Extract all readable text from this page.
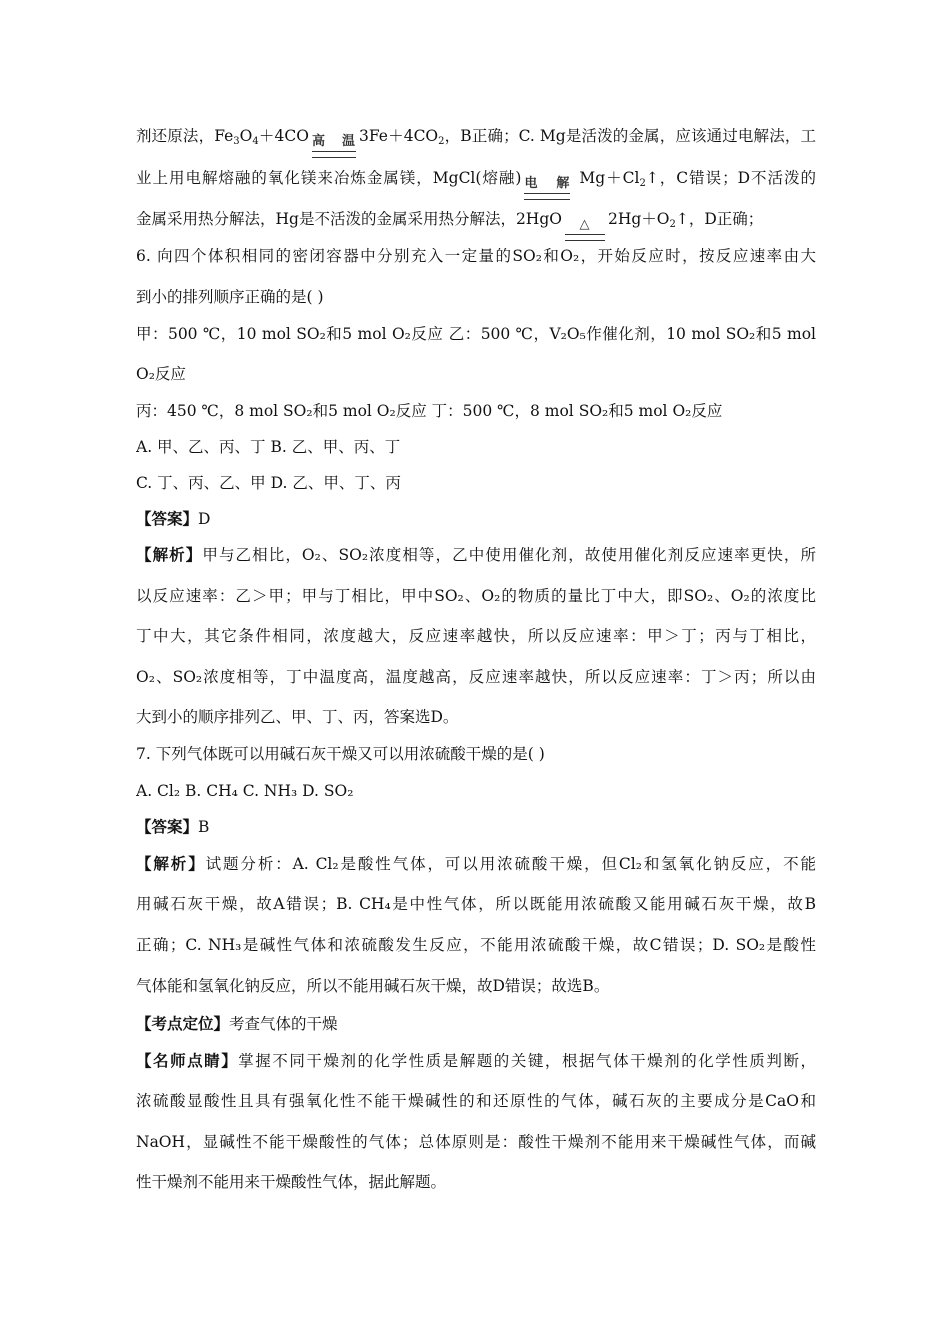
剂还原法，$Fe_3O_4+4CO$ 高温 $3Fe+4CO_2$，B正确；C. Mg是活泼的金属，应该通过电解法，工
业上用电解熔融的氧化镁来冶炼金属镁，MgCl(熔融) 电解 $Mg+Cl_2↑$，C错误；D不活泼的
金属采用热分解法，Hg是不活泼的金属采用热分解法，2HgO	△	$2Hg+O_2↑$，D正确；
6. 向四个体积相同的密闭容器中分别充入一定量的SO₂和O₂，开始反应时，按反应速率由大
到小的排列顺序正确的是( )
甲：500 ℃，10 mol SO₂和5 mol O₂反应 乙：500 ℃，V₂O₅作催化剂，10 mol SO₂和5 mol
O₂反应
丙：450 ℃，8 mol SO₂和5 mol O₂反应 丁：500 ℃，8 mol SO₂和5 mol O₂反应
A. 甲、乙、丙、丁 B. 乙、甲、丙、丁
C. 丁、丙、乙、甲 D. 乙、甲、丁、丙
【答案】D
【解析】甲与乙相比，O₂、SO₂浓度相等，乙中使用催化剂，故使用催化剂反应速率更快，所
以反应速率：乙＞甲；甲与丁相比，甲中SO₂、O₂的物质的量比丁中大，即SO₂、O₂的浓度比
丁中大，其它条件相同，浓度越大，反应速率越快，所以反应速率：甲＞丁；丙与丁相比，
O₂、SO₂浓度相等，丁中温度高，温度越高，反应速率越快，所以反应速率：丁＞丙；所以由
大到小的顺序排列乙、甲、丁、丙，答案选D。
7. 下列气体既可以用碱石灰干燥又可以用浓硫酸干燥的是( )
A. Cl₂ B. CH₄ C. NH₃ D. SO₂
【答案】B
【解析】试题分析：A. Cl₂是酸性气体，可以用浓硫酸干燥，但Cl₂和氢氧化钠反应，不能
用碱石灰干燥，故A错误；B. CH₄是中性气体，所以既能用浓硫酸又能用碱石灰干燥，故B
正确；C. NH₃是碱性气体和浓硫酸发生反应，不能用浓硫酸干燥，故C错误；D. SO₂是酸性
气体能和氢氧化钠反应，所以不能用碱石灰干燥，故D错误；故选B。
【考点定位】考查气体的干燥
【名师点睛】掌握不同干燥剂的化学性质是解题的关键，根据气体干燥剂的化学性质判断，
浓硫酸显酸性且具有强氧化性不能干燥碱性的和还原性的气体，碱石灰的主要成分是CaO和
NaOH，显碱性不能干燥酸性的气体；总体原则是：酸性干燥剂不能用来干燥碱性气体，而碱
性干燥剂不能用来干燥酸性气体，据此解题。
